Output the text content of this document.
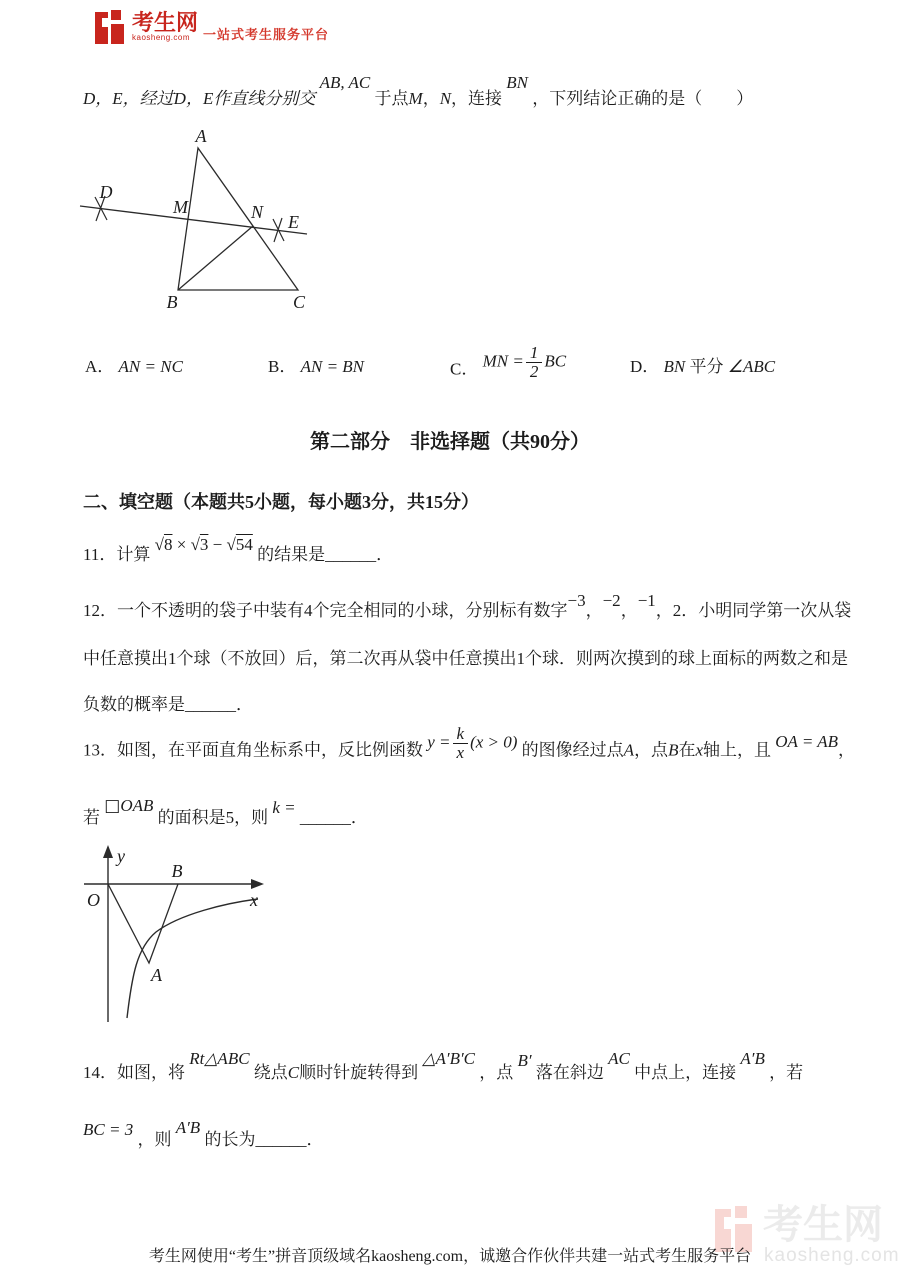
考生网
kaosheng.com 一站式考生服务平台
D，E，经过D，E作直线分别交 AB, AC 于点M，N，连接 BN ，下列结论正确的是（　　）
A
B	C
D
E
M	N
A． AN = NC	B． AN = BN	C． MN = $\frac{1}{2}$ BC	D． BN 平分 ∠ABC
第二部分　非选择题（共90分）
二、填空题（本题共5小题，每小题3分，共15分）
11．计算 √8 × √3 − √54 的结果是______．
12．一个不透明的袋子中装有4个完全相同的小球，分别标有数字−3，−2，−1，2．小明同学第一次从袋
中任意摸出1个球（不放回）后，第二次再从袋中任意摸出1个球．则两次摸到的球上面标的两数之和是
负数的概率是______．
13．如图，在平面直角坐标系中，反比例函数 $y = \frac{k}{x} (x > 0)$ 的图像经过点A，点B在x轴上，且 OA = AB，
若 □OAB 的面积是5，则 k = ______．
O
y
x
B
A
14．如图，将 Rt△ABC 绕点C顺时针旋转得到 △A′B′C ，点 B′ 落在斜边 AC 中点上，连接 A′B ，若
BC = 3 ，则 A′B 的长为______．
考生网
kaosheng.com
考生网使用“考生”拼音顶级域名kaosheng.com，诚邀合作伙伴共建一站式考生服务平台
